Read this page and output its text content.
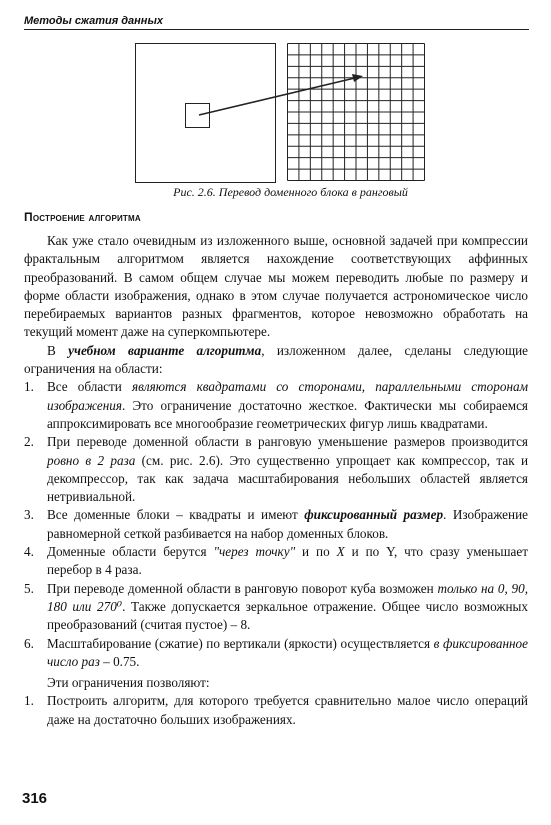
Методы сжатия данных
Рис. 2.6. Перевод доменного блока в ранговый
Построение алгоритма

Как уже стало очевидным из изложенного выше, основной задачей при компрессии фрактальным алгоритмом является нахождение соответствующих аффинных преобразований. В самом общем случае мы можем переводить любые по размеру и форме области изображения, однако в этом случае получается астрономическое число перебираемых вариантов разных фрагментов, которое невозможно обработать на текущий момент даже на суперкомпьютере.

В учебном варианте алгоритма, изложенном далее, сделаны следующие ограничения на области:

1. Все области являются квадратами со сторонами, параллельными сторонам изображения. Это ограничение достаточно жесткое. Фактически мы собираемся аппроксимировать все многообразие геометрических фигур лишь квадратами.
2. При переводе доменной области в ранговую уменьшение размеров производится ровно в 2 раза (см. рис. 2.6). Это существенно упрощает как компрессор, так и декомпрессор, так как задача масштабирования небольших областей является нетривиальной.
3. Все доменные блоки – квадраты и имеют фиксированный размер. Изображение равномерной сеткой разбивается на набор доменных блоков.
4. Доменные области берутся "через точку" и по X и по Y, что сразу уменьшает перебор в 4 раза.
5. При переводе доменной области в ранговую поворот куба возможен только на 0, 90, 180 или 270⁰. Также допускается зеркальное отражение. Общее число возможных преобразований (считая пустое) – 8.
6. Масштабирование (сжатие) по вертикали (яркости) осуществляется в фиксированное число раз – 0.75.

Эти ограничения позволяют:

1. Построить алгоритм, для которого требуется сравнительно малое число операций даже на достаточно больших изображениях.
316
